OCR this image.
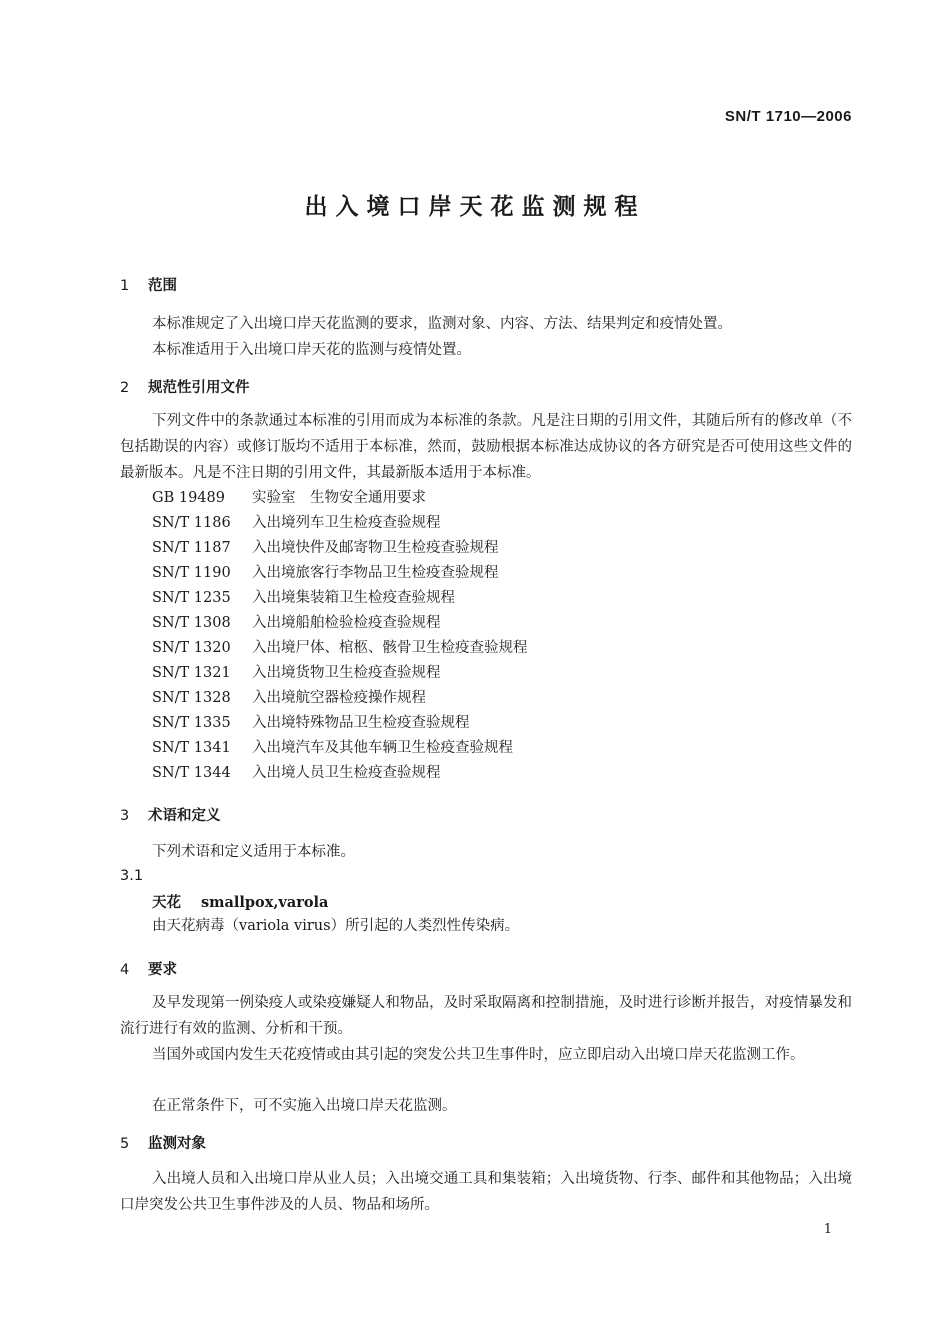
SN/T 1710—2006
出入境口岸天花监测规程
1 范围
本标准规定了入出境口岸天花监测的要求，监测对象、内容、方法、结果判定和疫情处置。
本标准适用于入出境口岸天花的监测与疫情处置。
2 规范性引用文件
下列文件中的条款通过本标准的引用而成为本标准的条款。凡是注日期的引用文件，其随后所有的修改单（不包括勘误的内容）或修订版均不适用于本标准，然而，鼓励根据本标准达成协议的各方研究是否可使用这些文件的最新版本。凡是不注日期的引用文件，其最新版本适用于本标准。
GB 19489 实验室　生物安全通用要求
SN/T 1186 入出境列车卫生检疫查验规程
SN/T 1187 入出境快件及邮寄物卫生检疫查验规程
SN/T 1190 入出境旅客行李物品卫生检疫查验规程
SN/T 1235 入出境集装箱卫生检疫查验规程
SN/T 1308 入出境船舶检验检疫查验规程
SN/T 1320 入出境尸体、棺柩、骸骨卫生检疫查验规程
SN/T 1321 入出境货物卫生检疫查验规程
SN/T 1328 入出境航空器检疫操作规程
SN/T 1335 入出境特殊物品卫生检疫查验规程
SN/T 1341 入出境汽车及其他车辆卫生检疫查验规程
SN/T 1344 入出境人员卫生检疫查验规程
3 术语和定义
下列术语和定义适用于本标准。
3.1
天花 smallpox,varola
由天花病毒（variola virus）所引起的人类烈性传染病。
4 要求
及早发现第一例染疫人或染疫嫌疑人和物品，及时采取隔离和控制措施，及时进行诊断并报告，对疫情暴发和流行进行有效的监测、分析和干预。
当国外或国内发生天花疫情或由其引起的突发公共卫生事件时，应立即启动入出境口岸天花监测工作。
在正常条件下，可不实施入出境口岸天花监测。
5 监测对象
入出境人员和入出境口岸从业人员；入出境交通工具和集装箱；入出境货物、行李、邮件和其他物品；入出境口岸突发公共卫生事件涉及的人员、物品和场所。
1
